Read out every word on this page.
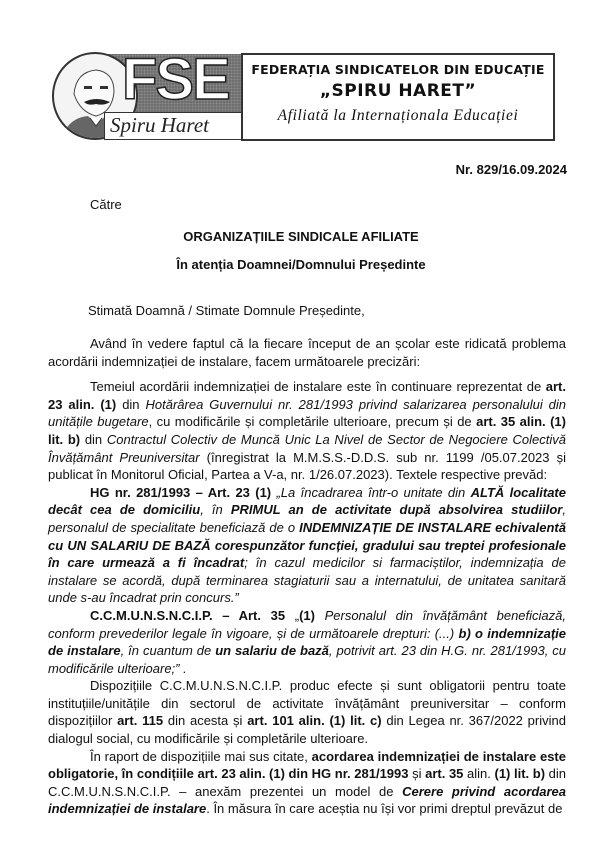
FSE
Spiru Haret
FEDERAȚIA SINDICATELOR DIN EDUCAȚIE
„SPIRU HARET”
Afiliată la Internaționala Educației
Nr. 829/16.09.2024
Către
ORGANIZAȚIILE SINDICALE AFILIATE
În atenția Doamnei/Domnului Președinte
Stimată Doamnă / Stimate Domnule Președinte,

Având în vedere faptul că la fiecare început de an școlar este ridicată problema acordării indemnizației de instalare, facem următoarele precizări:

Temeiul acordării indemnizației de instalare este în continuare reprezentat de art. 23 alin. (1) din Hotărârea Guvernului nr. 281/1993 privind salarizarea personalului din unitățile bugetare, cu modificările și completările ulterioare, precum și de art. 35 alin. (1) lit. b) din Contractul Colectiv de Muncă Unic La Nivel de Sector de Negociere Colectivă Învățământ Preuniversitar (înregistrat la M.M.S.S.-D.D.S. sub nr. 1199 /05.07.2023 și publicat în Monitorul Oficial, Partea a V-a, nr. 1/26.07.2023). Textele respective prevăd:

HG nr. 281/1993 – Art. 23 (1) „La încadrarea într-o unitate din ALTĂ localitate decât cea de domiciliu, în PRIMUL an de activitate după absolvirea studiilor, personalul de specialitate beneficiază de o INDEMNIZAȚIE DE INSTALARE echivalentă cu UN SALARIU DE BAZĂ corespunzător funcției, gradului sau treptei profesionale în care urmează a fi încadrat; în cazul medicilor si farmaciștilor, indemnizația de instalare se acordă, după terminarea stagiaturii sau a internatului, de unitatea sanitară unde s-au încadrat prin concurs.”

C.C.M.U.N.S.N.C.I.P. – Art. 35 „(1) Personalul din învățământ beneficiază, conform prevederilor legale în vigoare, și de următoarele drepturi: (...) b) o indemnizație de instalare, în cuantum de un salariu de bază, potrivit art. 23 din H.G. nr. 281/1993, cu modificările ulterioare;” .

Dispozițiile C.C.M.U.N.S.N.C.I.P. produc efecte și sunt obligatorii pentru toate instituțiile/unitățile din sectorul de activitate învățământ preuniversitar – conform dispozițiilor art. 115 din acesta și art. 101 alin. (1) lit. c) din Legea nr. 367/2022 privind dialogul social, cu modificările și completările ulterioare.

În raport de dispozițiile mai sus citate, acordarea indemnizației de instalare este obligatorie, în condițiile art. 23 alin. (1) din HG nr. 281/1993 și art. 35 alin. (1) lit. b) din C.C.M.U.N.S.N.C.I.P. – anexăm prezentei un model de Cerere privind acordarea indemnizației de instalare. În măsura în care aceștia nu își vor primi dreptul prevăzut de
